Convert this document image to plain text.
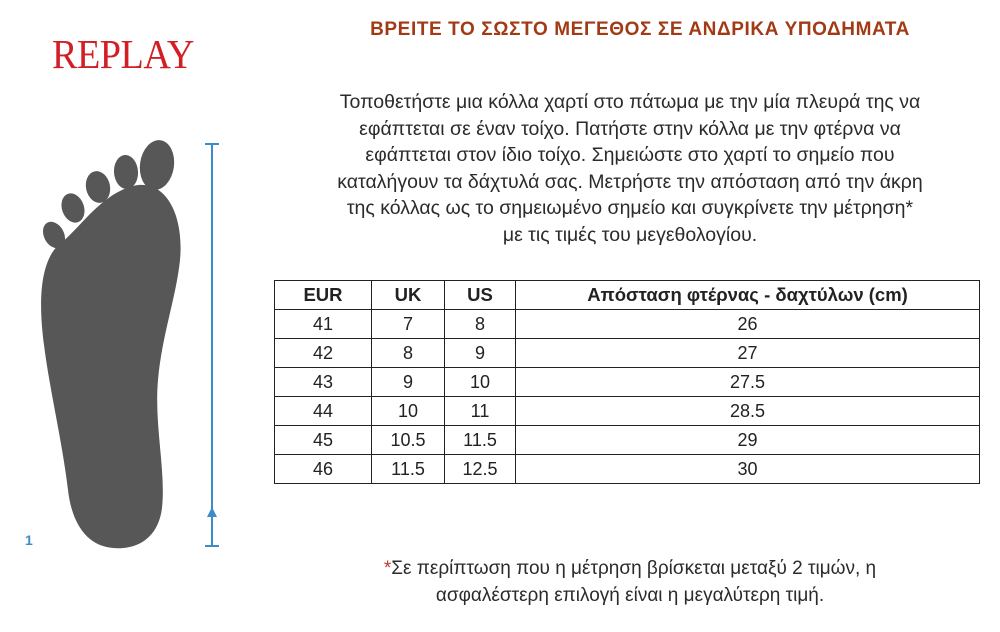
REPLAY
ΒΡΕΙΤΕ ΤΟ ΣΩΣΤΟ ΜΕΓΕΘΟΣ ΣΕ ΑΝΔΡΙΚΑ ΥΠΟΔΗΜΑΤΑ
Τοποθετήστε μια κόλλα χαρτί στο πάτωμα με την μία πλευρά της να
εφάπτεται σε έναν τοίχο. Πατήστε στην κόλλα με την φτέρνα να
εφάπτεται στον ίδιο τοίχο. Σημειώστε στο χαρτί το σημείο που
καταλήγουν τα δάχτυλά σας. Μετρήστε την απόσταση από την άκρη
της κόλλας ως το σημειωμένο σημείο και συγκρίνετε την μέτρηση*
με τις τιμές του μεγεθολογίου.
1
EUR	UK	US	Απόσταση φτέρνας - δαχτύλων (cm)
41	7	8	26
42	8	9	27
43	9	10	27.5
44	10	11	28.5
45	10.5	11.5	29
46	11.5	12.5	30
*Σε περίπτωση που η μέτρηση βρίσκεται μεταξύ 2 τιμών, η
ασφαλέστερη επιλογή είναι η μεγαλύτερη τιμή.
